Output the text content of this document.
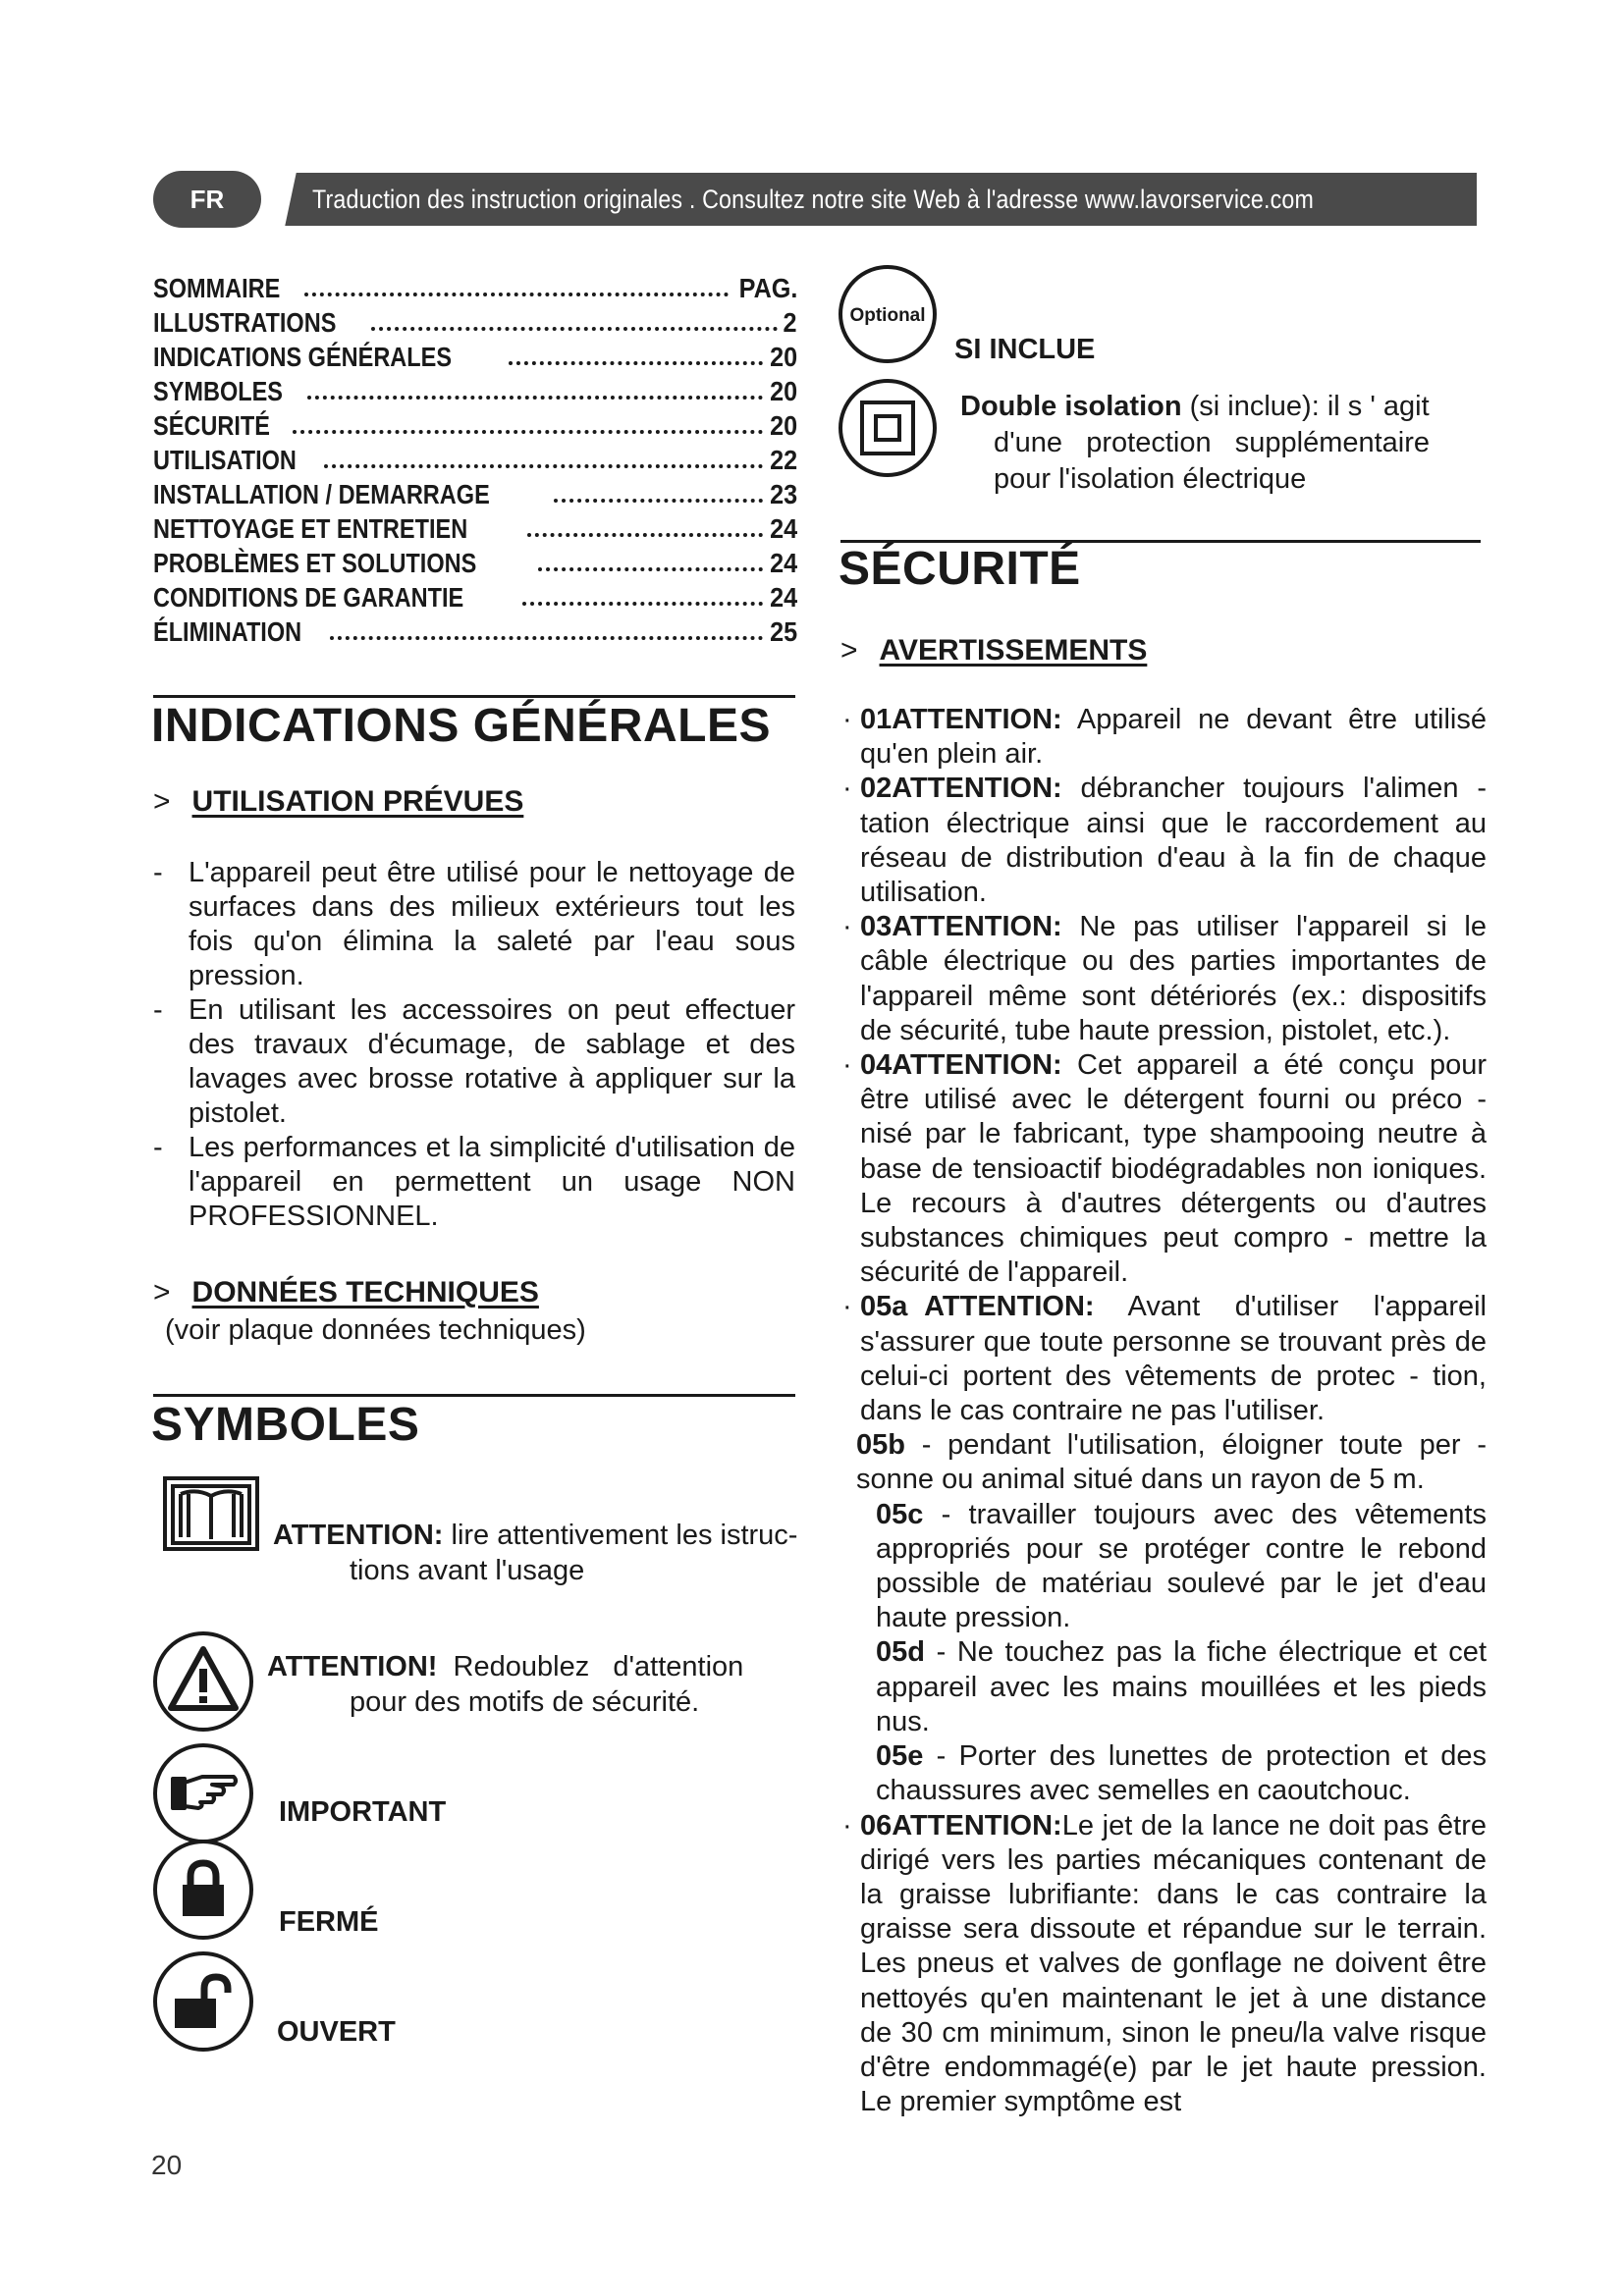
FR	Traduction des instruction originales . Consultez notre site Web à l'adresse www.lavorservice.com
SOMMAIRE	PAG.
ILLUSTRATIONS	2
INDICATIONS GÉNÉRALES	20
SYMBOLES	20
SÉCURITÉ	20
UTILISATION	22
INSTALLATION / DEMARRAGE	23
NETTOYAGE ET ENTRETIEN	24
PROBLÈMES ET SOLUTIONS	24
CONDITIONS DE GARANTIE	24
ÉLIMINATION	25
INDICATIONS GÉNÉRALES
> UTILISATION PRÉVUES
- L'appareil peut être utilisé pour le nettoyage de surfaces dans des milieux extérieurs tout les fois qu'on élimina la saleté par l'eau sous pression.
- En utilisant les accessoires on peut effectuer des travaux d'écumage, de sablage et des lavages avec brosse rotative à appliquer sur la pistolet.
- Les performances et la simplicité d'utilisation de l'appareil en permettent un usage NON PROFESSIONNEL.
> DONNÉES TECHNIQUES
(voir plaque données techniques)
SYMBOLES
ATTENTION: lire attentivement les istruc-
tions avant l'usage
ATTENTION!  Redoublez   d'attention
pour des motifs de sécurité.
IMPORTANT
FERMÉ
OUVERT
Optional
SI INCLUE
Double isolation (si inclue): il s ' agit

d'une   protection   supplémentaire
pour l'isolation électrique
SÉCURITÉ
> AVERTISSEMENTS
· 01ATTENTION: Appareil ne devant être utilisé qu'en plein air.
· 02ATTENTION: débrancher toujours l'alimen - tation électrique ainsi que le raccordement au réseau de distribution d'eau à la fin de chaque utilisation.
· 03ATTENTION: Ne pas utiliser l'appareil si le câble électrique ou des parties importantes de l'appareil même sont détériorés (ex.: dispositifs de sécurité, tube haute pression, pistolet, etc.).
· 04ATTENTION: Cet appareil a été conçu pour être utilisé avec le détergent fourni ou préco - nisé par le fabricant, type shampooing neutre à base de tensioactif biodégradables non ioniques. Le recours à d'autres détergents ou d'autres substances chimiques peut compro - mettre la sécurité de l'appareil.
· 05a ATTENTION:  Avant  d'utiliser  l'appareil s'assurer que toute personne se trouvant près de celui-ci portent des vêtements de protec - tion, dans le cas contraire ne pas l'utiliser.
05b - pendant l'utilisation, éloigner toute per - sonne ou animal situé dans un rayon de 5 m.
05c - travailler toujours avec des vêtements appropriés pour se protéger contre le rebond possible de matériau soulevé par le jet d'eau haute pression.
05d - Ne touchez pas la fiche électrique et cet appareil avec les mains mouillées et les pieds nus.
05e - Porter des lunettes de protection et des chaussures avec semelles en caoutchouc.
· 06ATTENTION:Le jet de la lance ne doit pas être dirigé vers les parties mécaniques contenant de la graisse lubrifiante: dans le cas contraire la graisse sera dissoute et répandue sur le terrain. Les pneus et valves de gonflage ne doivent être nettoyés qu'en maintenant le jet à une distance de 30 cm minimum, sinon le pneu/la valve risque d'être endommagé(e) par le jet haute pression. Le premier symptôme est
20
